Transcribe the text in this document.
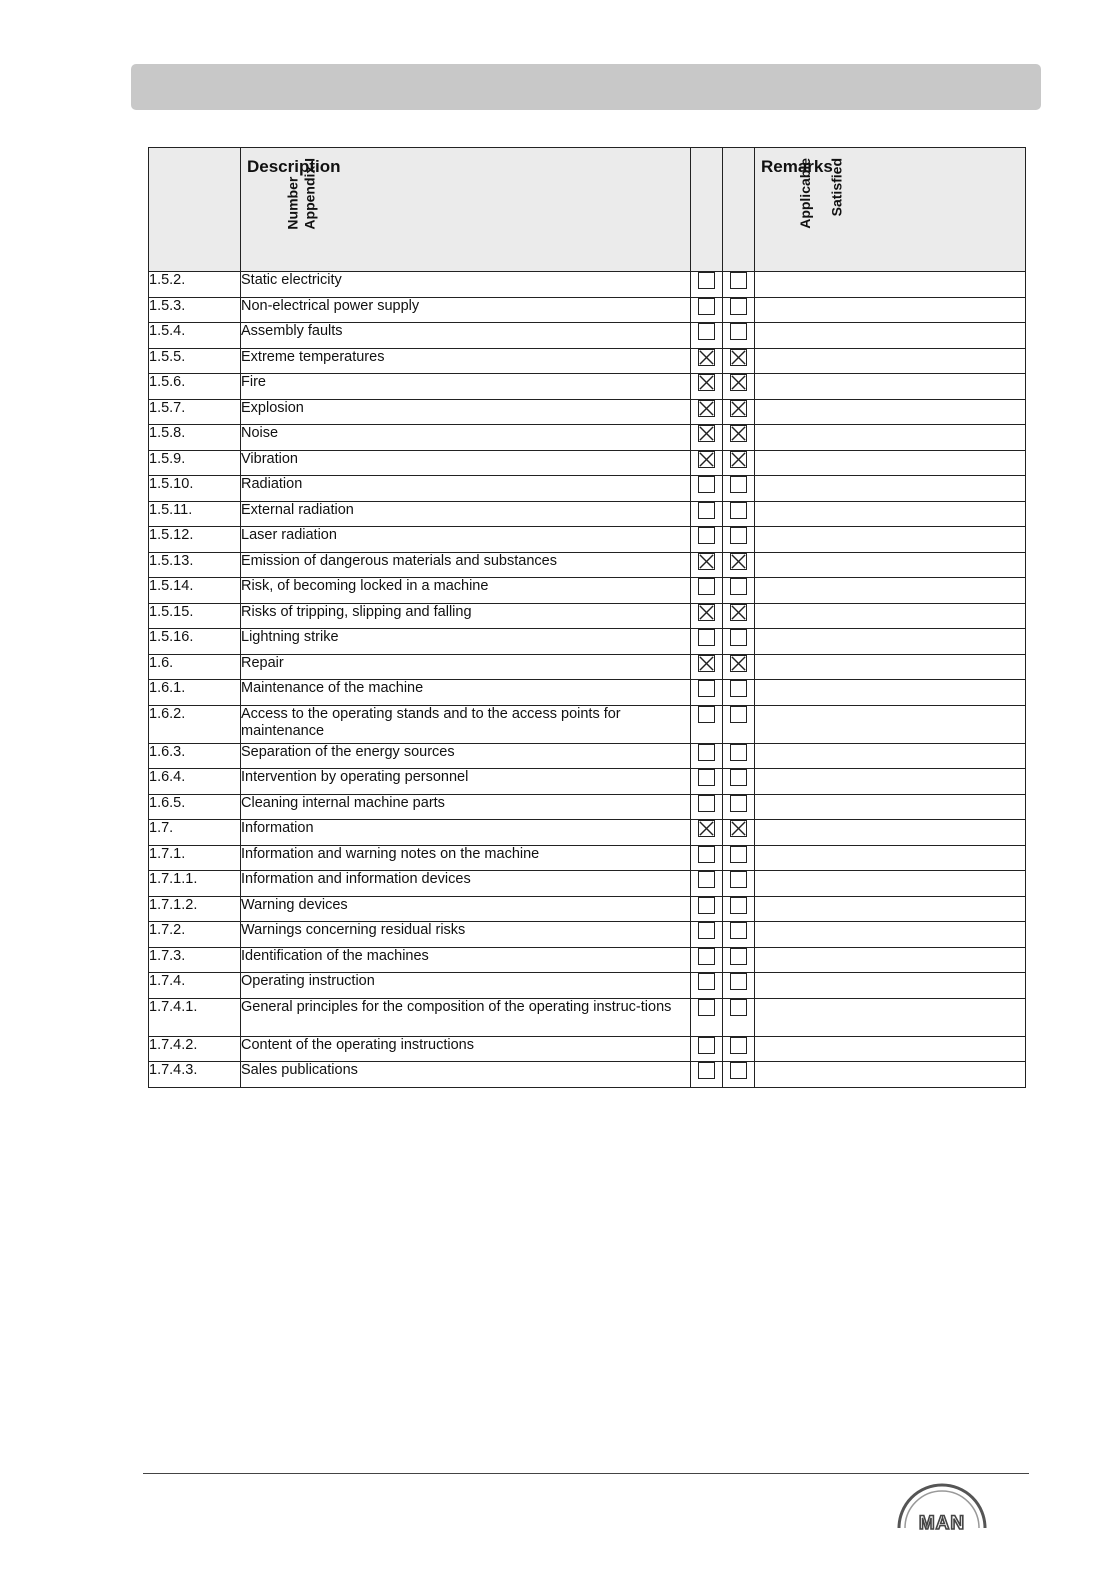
Number
Appendix I	Description	Applicable	Satisfied	Remarks

1.5.2.	Static electricity			
1.5.3.	Non-electrical power supply			
1.5.4.	Assembly faults			
1.5.5.	Extreme temperatures	

1.5.6.	Fire	

1.5.7.	Explosion	

1.5.8.	Noise	

1.5.9.	Vibration	

1.5.10.	Radiation			
1.5.11.	External radiation			
1.5.12.	Laser radiation			
1.5.13.	Emission of dangerous materials and substances	

1.5.14.	Risk, of becoming locked in a machine			
1.5.15.	Risks of tripping, slipping and falling	

1.5.16.	Lightning strike			
1.6.	Repair	

1.6.1.	Maintenance of the machine			
1.6.2.	Access to the operating stands and to the access points for maintenance			
1.6.3.	Separation of the energy sources			
1.6.4.	Intervention by operating personnel			
1.6.5.	Cleaning internal machine parts			
1.7.	Information	

1.7.1.	Information and warning notes on the machine			
1.7.1.1.	Information and information devices			
1.7.1.2.	Warning devices			
1.7.2.	Warnings concerning residual risks			
1.7.3.	Identification of the machines			
1.7.4.	Operating instruction			
1.7.4.1.	General principles for the composition of the operating instruc-tions			
1.7.4.2.	Content of the operating instructions			
1.7.4.3.	Sales publications			
MAN
